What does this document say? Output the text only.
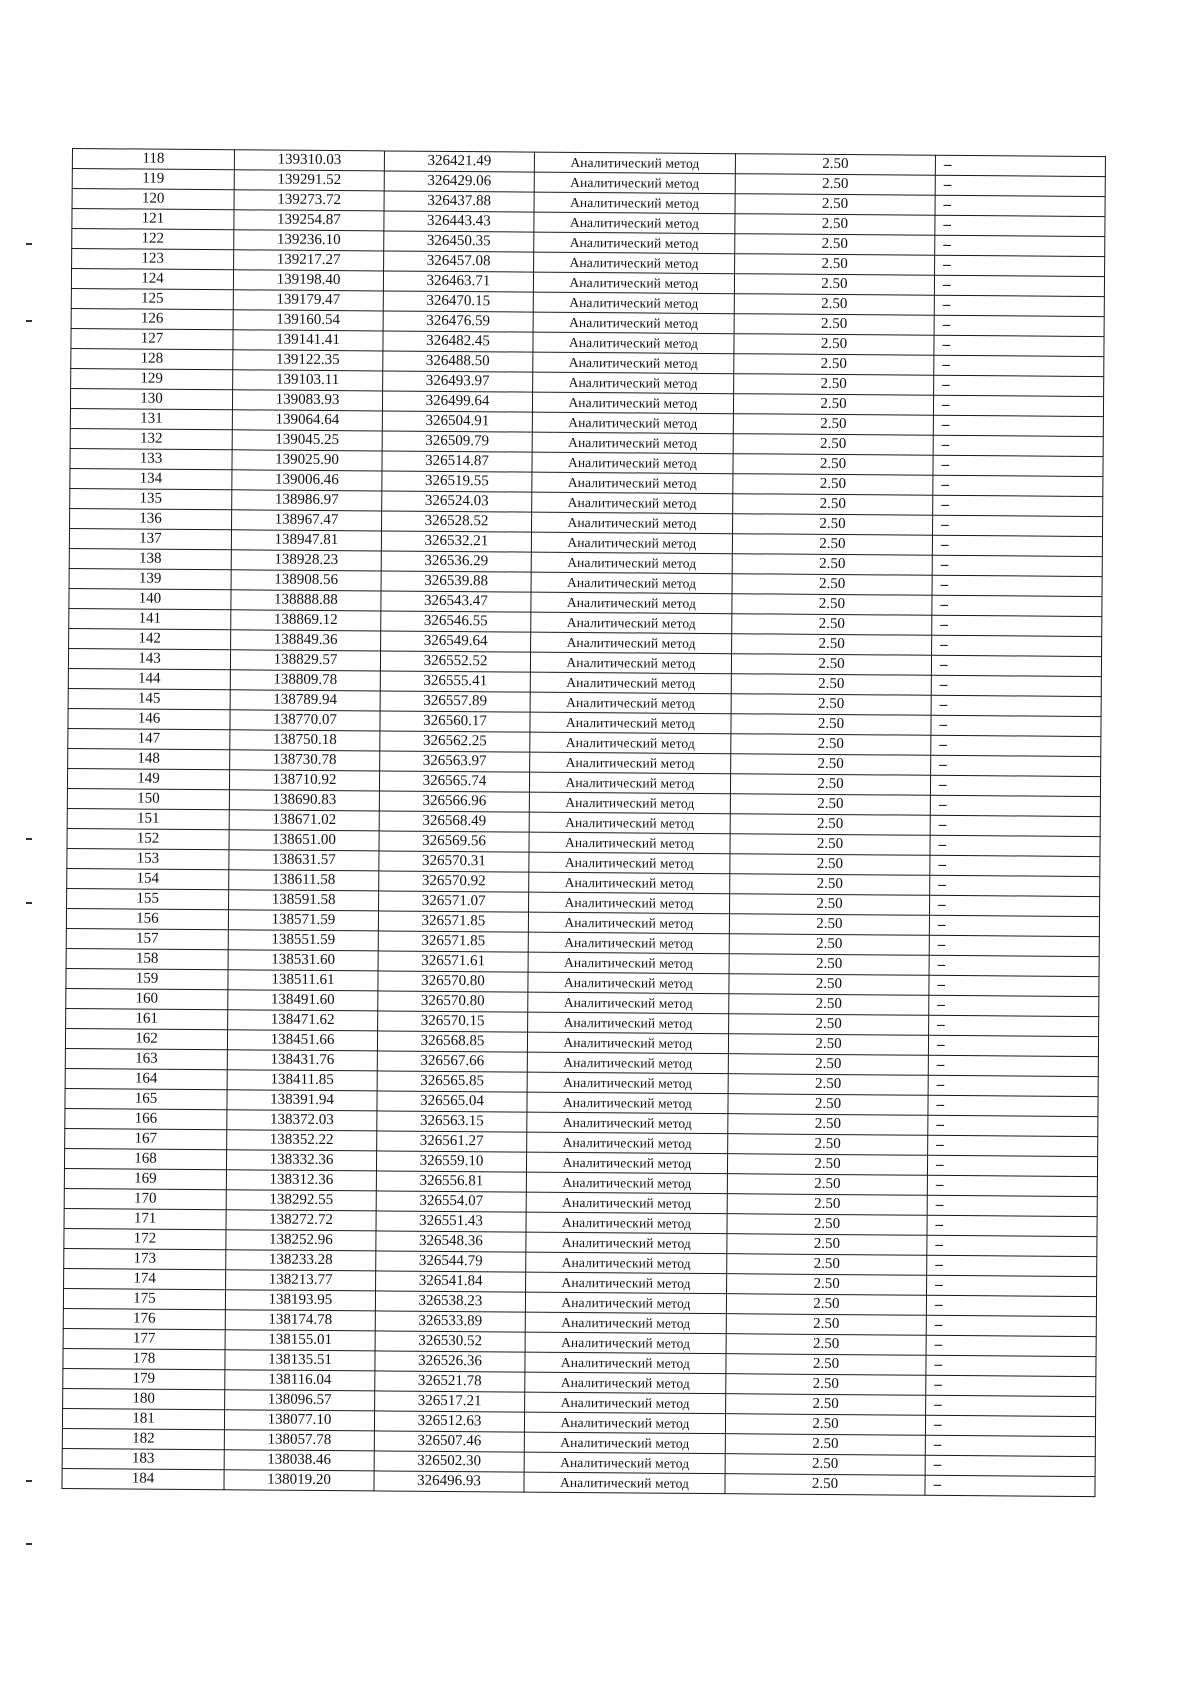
118	139310.03	326421.49	Аналитический метод	2.50	–
119	139291.52	326429.06	Аналитический метод	2.50	–
120	139273.72	326437.88	Аналитический метод	2.50	–
121	139254.87	326443.43	Аналитический метод	2.50	–
122	139236.10	326450.35	Аналитический метод	2.50	–
123	139217.27	326457.08	Аналитический метод	2.50	–
124	139198.40	326463.71	Аналитический метод	2.50	–
125	139179.47	326470.15	Аналитический метод	2.50	–
126	139160.54	326476.59	Аналитический метод	2.50	–
127	139141.41	326482.45	Аналитический метод	2.50	–
128	139122.35	326488.50	Аналитический метод	2.50	–
129	139103.11	326493.97	Аналитический метод	2.50	–
130	139083.93	326499.64	Аналитический метод	2.50	–
131	139064.64	326504.91	Аналитический метод	2.50	–
132	139045.25	326509.79	Аналитический метод	2.50	–
133	139025.90	326514.87	Аналитический метод	2.50	–
134	139006.46	326519.55	Аналитический метод	2.50	–
135	138986.97	326524.03	Аналитический метод	2.50	–
136	138967.47	326528.52	Аналитический метод	2.50	–
137	138947.81	326532.21	Аналитический метод	2.50	–
138	138928.23	326536.29	Аналитический метод	2.50	–
139	138908.56	326539.88	Аналитический метод	2.50	–
140	138888.88	326543.47	Аналитический метод	2.50	–
141	138869.12	326546.55	Аналитический метод	2.50	–
142	138849.36	326549.64	Аналитический метод	2.50	–
143	138829.57	326552.52	Аналитический метод	2.50	–
144	138809.78	326555.41	Аналитический метод	2.50	–
145	138789.94	326557.89	Аналитический метод	2.50	–
146	138770.07	326560.17	Аналитический метод	2.50	–
147	138750.18	326562.25	Аналитический метод	2.50	–
148	138730.78	326563.97	Аналитический метод	2.50	–
149	138710.92	326565.74	Аналитический метод	2.50	–
150	138690.83	326566.96	Аналитический метод	2.50	–
151	138671.02	326568.49	Аналитический метод	2.50	–
152	138651.00	326569.56	Аналитический метод	2.50	–
153	138631.57	326570.31	Аналитический метод	2.50	–
154	138611.58	326570.92	Аналитический метод	2.50	–
155	138591.58	326571.07	Аналитический метод	2.50	–
156	138571.59	326571.85	Аналитический метод	2.50	–
157	138551.59	326571.85	Аналитический метод	2.50	–
158	138531.60	326571.61	Аналитический метод	2.50	–
159	138511.61	326570.80	Аналитический метод	2.50	–
160	138491.60	326570.80	Аналитический метод	2.50	–
161	138471.62	326570.15	Аналитический метод	2.50	–
162	138451.66	326568.85	Аналитический метод	2.50	–
163	138431.76	326567.66	Аналитический метод	2.50	–
164	138411.85	326565.85	Аналитический метод	2.50	–
165	138391.94	326565.04	Аналитический метод	2.50	–
166	138372.03	326563.15	Аналитический метод	2.50	–
167	138352.22	326561.27	Аналитический метод	2.50	–
168	138332.36	326559.10	Аналитический метод	2.50	–
169	138312.36	326556.81	Аналитический метод	2.50	–
170	138292.55	326554.07	Аналитический метод	2.50	–
171	138272.72	326551.43	Аналитический метод	2.50	–
172	138252.96	326548.36	Аналитический метод	2.50	–
173	138233.28	326544.79	Аналитический метод	2.50	–
174	138213.77	326541.84	Аналитический метод	2.50	–
175	138193.95	326538.23	Аналитический метод	2.50	–
176	138174.78	326533.89	Аналитический метод	2.50	–
177	138155.01	326530.52	Аналитический метод	2.50	–
178	138135.51	326526.36	Аналитический метод	2.50	–
179	138116.04	326521.78	Аналитический метод	2.50	–
180	138096.57	326517.21	Аналитический метод	2.50	–
181	138077.10	326512.63	Аналитический метод	2.50	–
182	138057.78	326507.46	Аналитический метод	2.50	–
183	138038.46	326502.30	Аналитический метод	2.50	–
184	138019.20	326496.93	Аналитический метод	2.50	–
